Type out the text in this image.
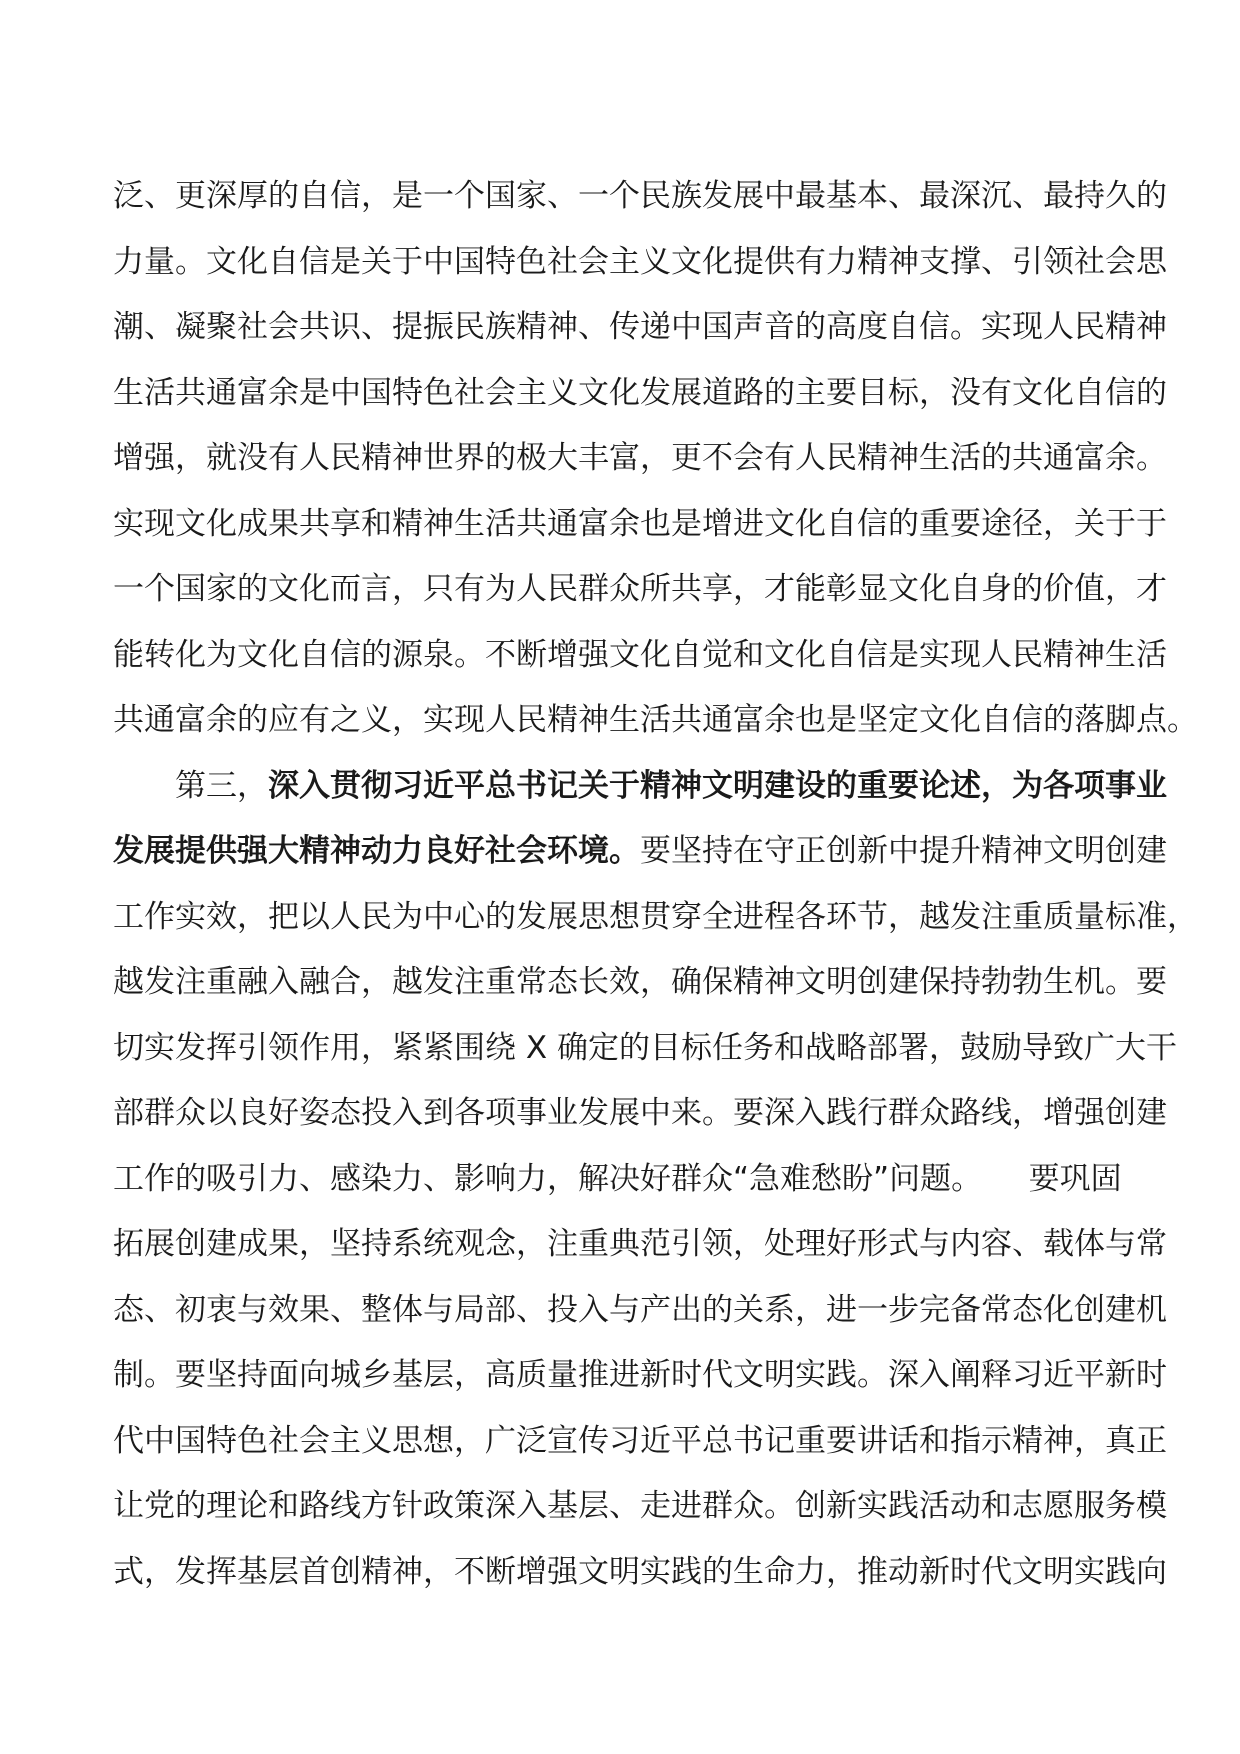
泛、更深厚的自信，是一个国家、一个民族发展中最基本、最深沉、最持久的
力量。文化自信是关于中国特色社会主义文化提供有力精神支撑、引领社会思
潮、凝聚社会共识、提振民族精神、传递中国声音的高度自信。实现人民精神
生活共通富余是中国特色社会主义文化发展道路的主要目标，没有文化自信的
增强，就没有人民精神世界的极大丰富，更不会有人民精神生活的共通富余。
实现文化成果共享和精神生活共通富余也是增进文化自信的重要途径，关于于
一个国家的文化而言，只有为人民群众所共享，才能彰显文化自身的价值，才
能转化为文化自信的源泉。不断增强文化自觉和文化自信是实现人民精神生活
共通富余的应有之义，实现人民精神生活共通富余也是坚定文化自信的落脚点。
第三，深入贯彻习近平总书记关于精神文明建设的重要论述，为各项事业
发展提供强大精神动力良好社会环境。要坚持在守正创新中提升精神文明创建
工作实效，把以人民为中心的发展思想贯穿全进程各环节，越发注重质量标准，
越发注重融入融合，越发注重常态长效，确保精神文明创建保持勃勃生机。要
切实发挥引领作用，紧紧围绕 X 确定的目标任务和战略部署，鼓励导致广大干
部群众以良好姿态投入到各项事业发展中来。要深入践行群众路线，增强创建
工作的吸引力、感染力、影响力，解决好群众“急难愁盼”问题。　　要巩固
拓展创建成果，坚持系统观念，注重典范引领，处理好形式与内容、载体与常
态、初衷与效果、整体与局部、投入与产出的关系，进一步完备常态化创建机
制。要坚持面向城乡基层，高质量推进新时代文明实践。深入阐释习近平新时
代中国特色社会主义思想，广泛宣传习近平总书记重要讲话和指示精神，真正
让党的理论和路线方针政策深入基层、走进群众。创新实践活动和志愿服务模
式，发挥基层首创精神，不断增强文明实践的生命力，推动新时代文明实践向
